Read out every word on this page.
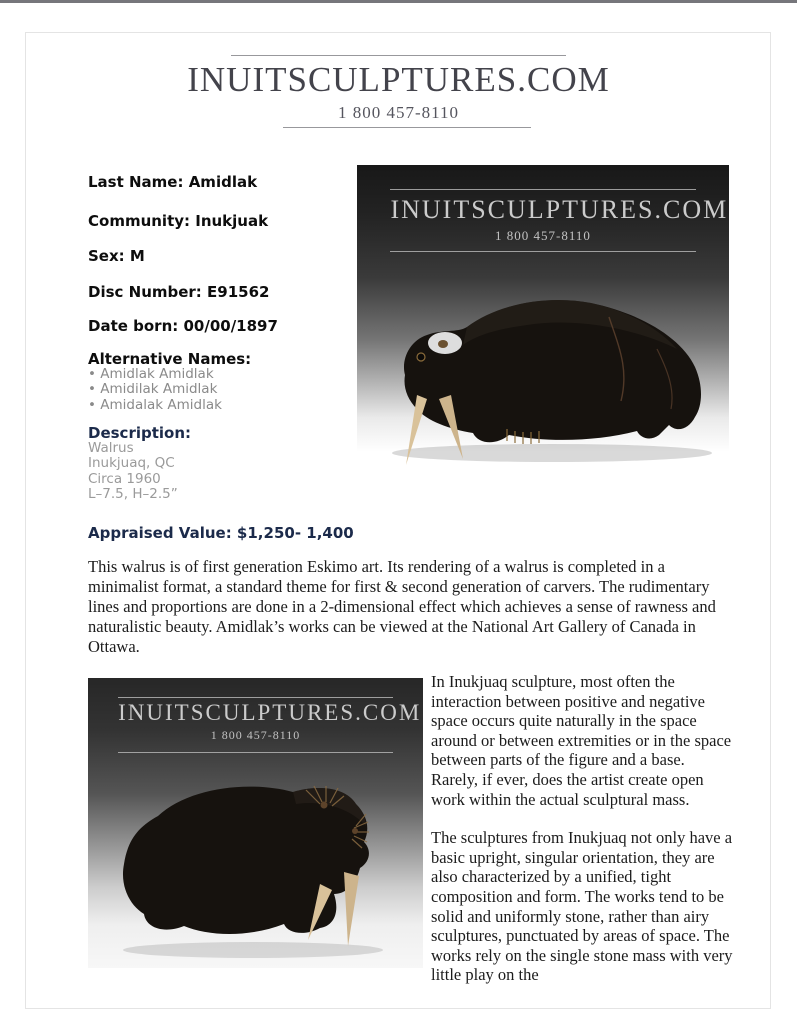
INUITSCULPTURES.COM
1 800 457-8110
Last Name: Amidlak
Community: Inukjuak
Sex: M
Disc Number: E91562
Date born: 00/00/1897
Alternative Names:
• Amidlak Amidlak
• Amidilak Amidlak
• Amidalak Amidlak
Description:
Walrus
Inukjuaq, QC
Circa 1960
L–7.5, H–2.5”
INUITSCULPTURES.COM
1 800 457-8110
Appraised Value: $1,250- 1,400
This walrus is of first generation Eskimo art. Its rendering of a walrus is completed in a minimalist format, a standard theme for first & second generation of carvers. The rudimentary lines and proportions are done in a 2-dimensional effect which achieves a sense of rawness and naturalistic beauty. Amidlak’s works can be viewed at the National Art Gallery of Canada in Ottawa.
INUITSCULPTURES.COM
1 800 457-8110

In Inukjuaq sculpture, most often the interaction between positive and negative space occurs quite naturally in the space around or between extremities or in the space between parts of the figure and a base. Rarely, if ever, does the artist create open work within the actual sculptural mass.

The sculptures from Inukjuaq not only have a basic upright, singular orientation, they are also characterized by a unified, tight composition and form. The works tend to be solid and uniformly stone, rather than airy sculptures, punctuated by areas of space. The works rely on the single stone mass with very little play on the
